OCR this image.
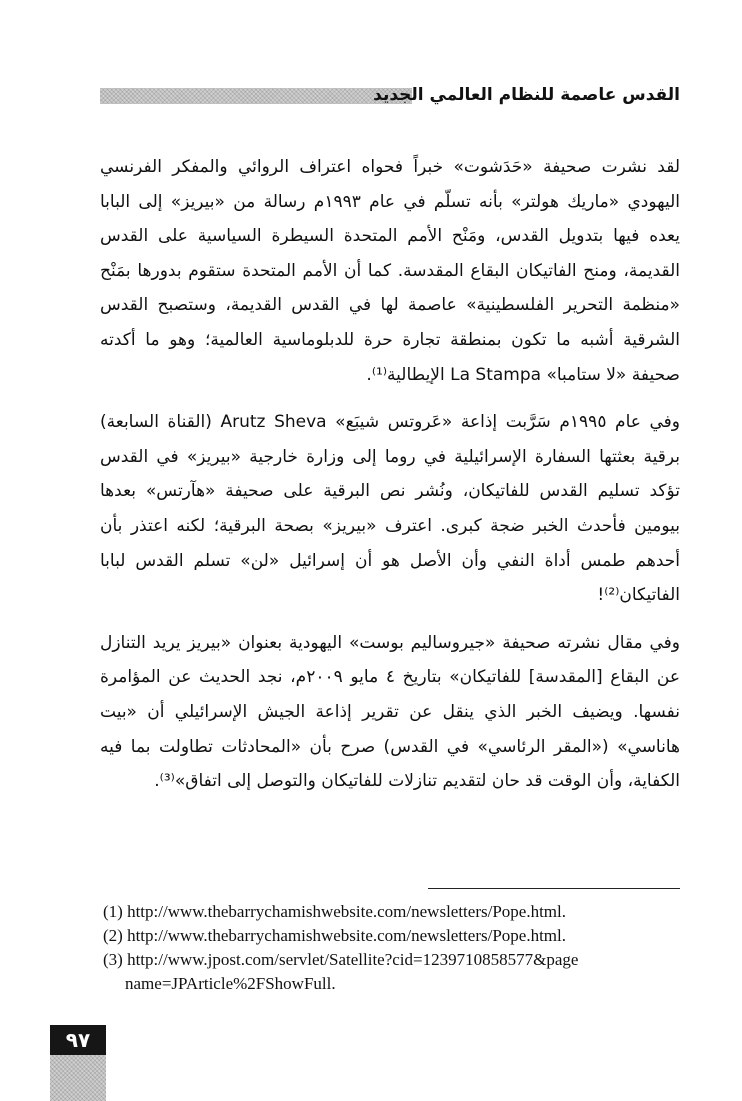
القدس عاصمة للنظام العالمي الجديد

لقد نشرت صحيفة «حَدَشوت» خبراً فحواه اعتراف الروائي والمفكر الفرنسي اليهودي «ماريك هولتر» بأنه تسلّم في عام ١٩٩٣م رسالة من «بيريز» إلى البابا يعده فيها بتدويل القدس، ومَنْح الأمم المتحدة السيطرة السياسية على القدس القديمة، ومنح الفاتيكان البقاع المقدسة. كما أن الأمم المتحدة ستقوم بدورها بمَنْح «منظمة التحرير الفلسطينية» عاصمة لها في القدس القديمة، وستصبح القدس الشرقية أشبه ما تكون بمنطقة تجارة حرة للدبلوماسية العالمية؛ وهو ما أكدته صحيفة «لا ستامبا» La Stampa الإيطالية⁽¹⁾.

وفي عام ١٩٩٥م سَرَّبت إذاعة «عَروتس شيبَع» Arutz Sheva (القناة السابعة) برقية بعثتها السفارة الإسرائيلية في روما إلى وزارة خارجية «بيريز» في القدس تؤكد تسليم القدس للفاتيكان، ونُشر نص البرقية على صحيفة «هآرتس» بعدها بيومين فأحدث الخبر ضجة كبرى. اعترف «بيريز» بصحة البرقية؛ لكنه اعتذر بأن أحدهم طمس أداة النفي وأن الأصل هو أن إسرائيل «لن» تسلم القدس لبابا الفاتيكان⁽²⁾!

وفي مقال نشرته صحيفة «جيروساليم بوست» اليهودية بعنوان «بيريز يريد التنازل عن البقاع [المقدسة] للفاتيكان» بتاريخ ٤ مايو ٢٠٠٩م، نجد الحديث عن المؤامرة نفسها. ويضيف الخبر الذي ينقل عن تقرير إذاعة الجيش الإسرائيلي أن «بيت هاناسي» («المقر الرئاسي» في القدس) صرح بأن «المحادثات تطاولت بما فيه الكفاية، وأن الوقت قد حان لتقديم تنازلات للفاتيكان والتوصل إلى اتفاق»⁽³⁾.

(1) http://www.thebarrychamishwebsite.com/newsletters/Pope.html.

(2) http://www.thebarrychamishwebsite.com/newsletters/Pope.html.

(3) http://www.jpost.com/servlet/Satellite?cid=1239710858577&page

name=JPArticle%2FShowFull.

٩٧
